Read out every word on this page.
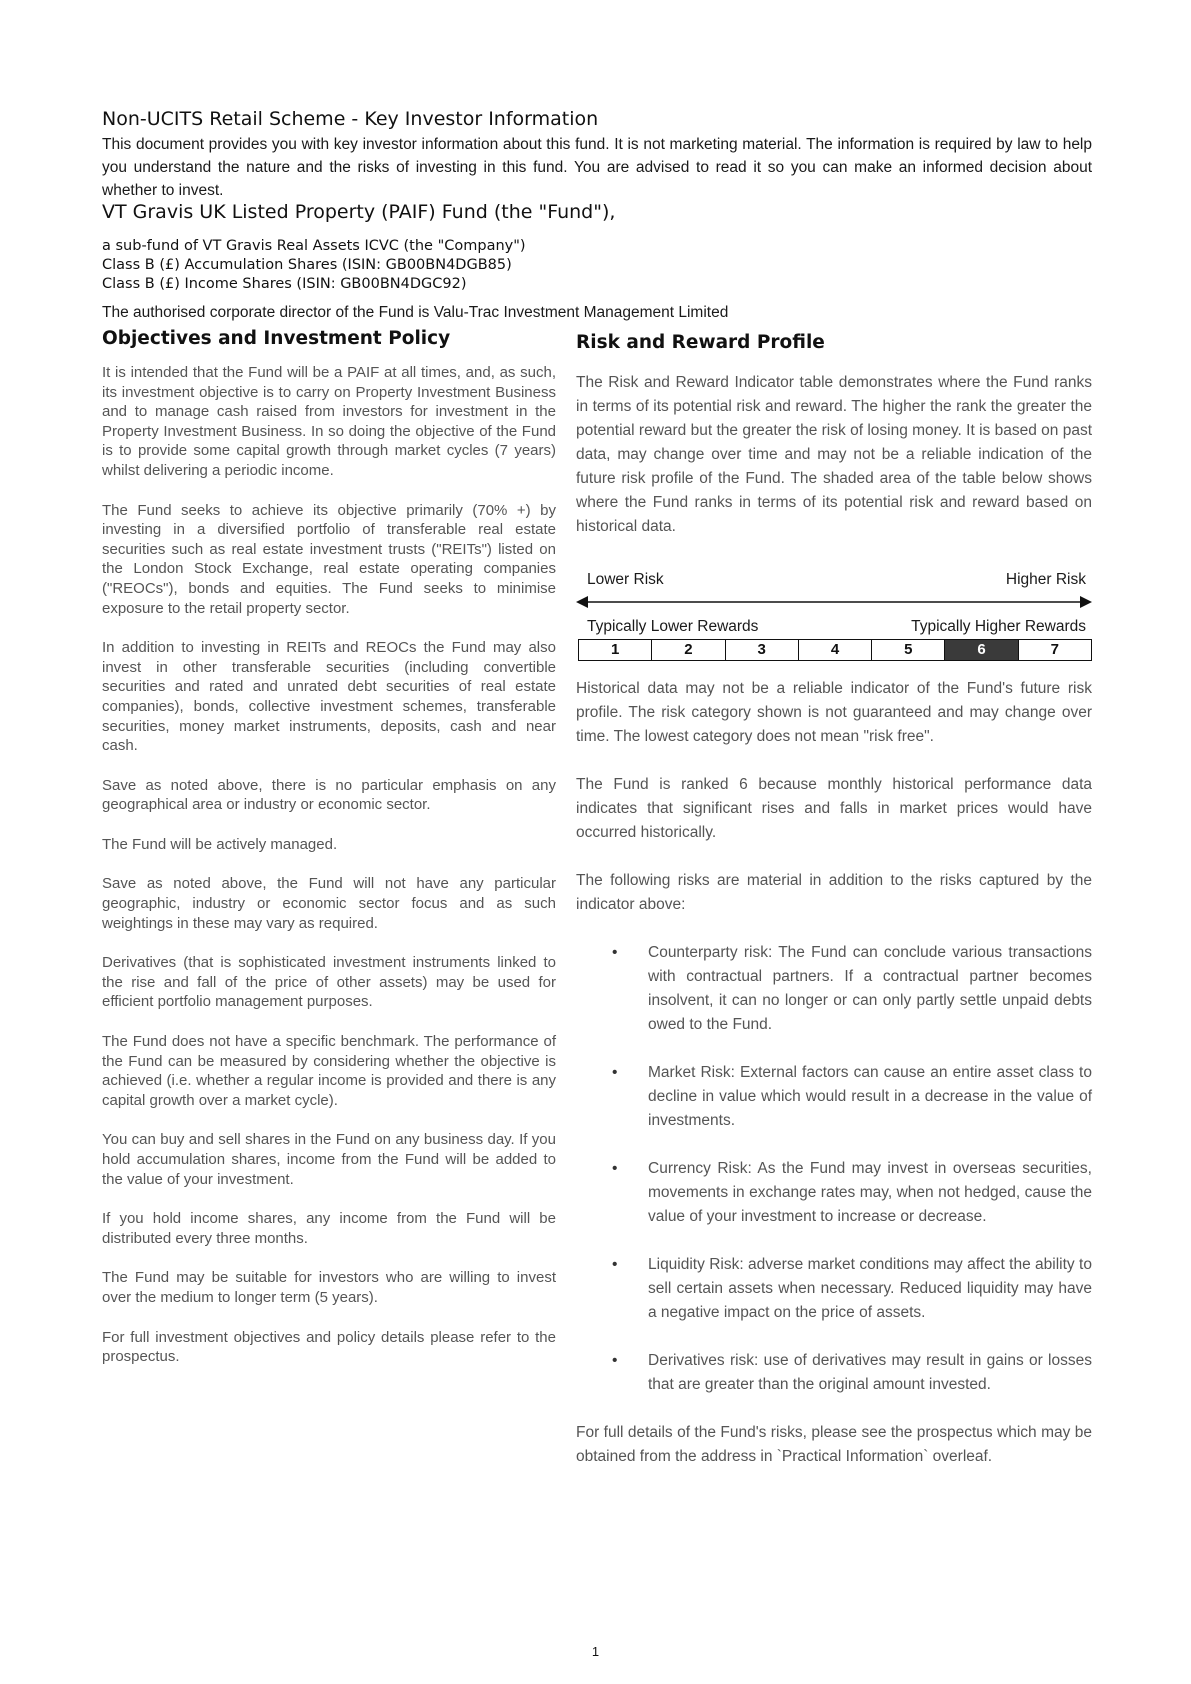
Non-UCITS Retail Scheme - Key Investor Information
This document provides you with key investor information about this fund. It is not marketing material. The information is required by law to help you understand the nature and the risks of investing in this fund. You are advised to read it so you can make an informed decision about whether to invest.
VT Gravis UK Listed Property (PAIF) Fund (the "Fund"),
a sub-fund of VT Gravis Real Assets ICVC (the "Company")
Class B (£) Accumulation Shares (ISIN: GB00BN4DGB85)
Class B (£) Income Shares (ISIN: GB00BN4DGC92)
The authorised corporate director of the Fund is Valu-Trac Investment Management Limited
Objectives and Investment Policy

It is intended that the Fund will be a PAIF at all times, and, as such, its investment objective is to carry on Property Investment Business and to manage cash raised from investors for investment in the Property Investment Business. In so doing the objective of the Fund is to provide some capital growth through market cycles (7 years) whilst delivering a periodic income.

The Fund seeks to achieve its objective primarily (70% +) by investing in a diversified portfolio of transferable real estate securities such as real estate investment trusts ("REITs") listed on the London Stock Exchange, real estate operating companies ("REOCs"), bonds and equities. The Fund seeks to minimise exposure to the retail property sector.

In addition to investing in REITs and REOCs the Fund may also invest in other transferable securities (including convertible securities and rated and unrated debt securities of real estate companies), bonds, collective investment schemes, transferable securities, money market instruments, deposits, cash and near cash.

Save as noted above, there is no particular emphasis on any geographical area or industry or economic sector.

The Fund will be actively managed.

Save as noted above, the Fund will not have any particular geographic, industry or economic sector focus and as such weightings in these may vary as required.

Derivatives (that is sophisticated investment instruments linked to the rise and fall of the price of other assets) may be used for efficient portfolio management purposes.

The Fund does not have a specific benchmark. The performance of the Fund can be measured by considering whether the objective is achieved (i.e. whether a regular income is provided and there is any capital growth over a market cycle).

You can buy and sell shares in the Fund on any business day. If you hold accumulation shares, income from the Fund will be added to the value of your investment.

If you hold income shares, any income from the Fund will be distributed every three months.

The Fund may be suitable for investors who are willing to invest over the medium to longer term (5 years).

For full investment objectives and policy details please refer to the prospectus.

Risk and Reward Profile

The Risk and Reward Indicator table demonstrates where the Fund ranks in terms of its potential risk and reward. The higher the rank the greater the potential reward but the greater the risk of losing money. It is based on past data, may change over time and may not be a reliable indication of the future risk profile of the Fund. The shaded area of the table below shows where the Fund ranks in terms of its potential risk and reward based on historical data.

Lower Risk	Higher Risk
Typically Lower Rewards	Typically Higher Rewards
1	2	3	4	5	6	7

Historical data may not be a reliable indicator of the Fund's future risk profile. The risk category shown is not guaranteed and may change over time. The lowest category does not mean "risk free".

The Fund is ranked 6 because monthly historical performance data indicates that significant rises and falls in market prices would have occurred historically.

The following risks are material in addition to the risks captured by the indicator above:

• Counterparty risk: The Fund can conclude various transactions with contractual partners. If a contractual partner becomes insolvent, it can no longer or can only partly settle unpaid debts owed to the Fund.
• Market Risk: External factors can cause an entire asset class to decline in value which would result in a decrease in the value of investments.
• Currency Risk: As the Fund may invest in overseas securities, movements in exchange rates may, when not hedged, cause the value of your investment to increase or decrease.
• Liquidity Risk: adverse market conditions may affect the ability to sell certain assets when necessary. Reduced liquidity may have a negative impact on the price of assets.
• Derivatives risk: use of derivatives may result in gains or losses that are greater than the original amount invested.

For full details of the Fund's risks, please see the prospectus which may be obtained from the address in `Practical Information` overleaf.

1
